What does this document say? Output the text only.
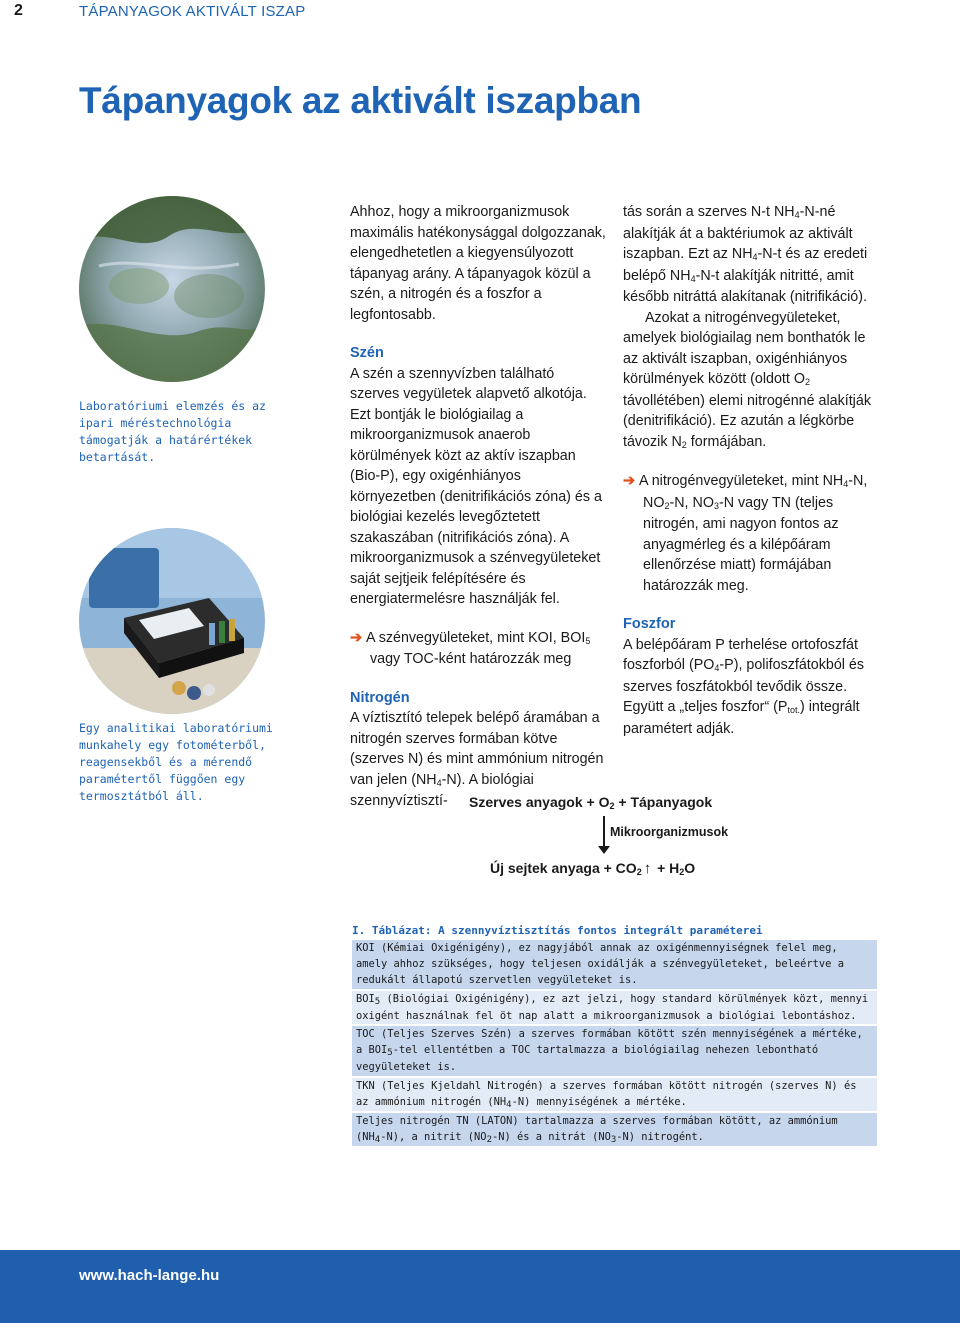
2	TÁPANYAGOK AKTIVÁLT ISZAP
Tápanyagok az aktivált iszapban
Laboratóriumi elemzés és az ipari méréstechnológia támogatják a határértékek betartását.
Egy analitikai laboratóriumi munkahely egy fotométerből, reagensekből és a mérendő paramétertől függően egy termosztátból áll.

Ahhoz, hogy a mikroorganizmusok maximális hatékonysággal dolgozzanak, elengedhetetlen a kiegyensúlyozott tápanyag arány. A tápanyagok közül a szén, a nitrogén és a foszfor a legfontosabb.

Szén

A szén a szennyvízben található szerves vegyületek alapvető alkotója. Ezt bontják le biológiailag a mikroorganizmusok anaerob körülmények közt az aktív iszapban (Bio-P), egy oxigénhiányos környezetben (denitrifikációs zóna) és a biológiai kezelés levegőztetett szakaszában (nitrifikációs zóna). A mikroorganizmusok a szénvegyületeket saját sejtjeik felépítésére és energiatermelésre használják fel.

➔ A szénvegyületeket, mint KOI, BOI5 vagy TOC-ként határozzák meg

Nitrogén

A víztisztító telepek belépő áramában a nitrogén szerves formában kötve (szerves N) és mint ammónium nitrogén van jelen (NH4-N). A biológiai szennyvíztisztí-

tás során a szerves N-t NH4-N-né alakítják át a baktériumok az aktivált iszapban. Ezt az NH4-N-t és az eredeti belépő NH4-N-t alakítják nitritté, amit később nitráttá alakítanak (nitrifikáció).

Azokat a nitrogénvegyületeket, amelyek biológiailag nem bonthatók le az aktivált iszapban, oxigénhiányos körülmények között (oldott O2 távollétében) elemi nitrogénné alakítják (denitrifikáció). Ez azután a légkörbe távozik N2 formájában.

➔ A nitrogénvegyületeket, mint NH4-N, NO2-N, NO3-N vagy TN (teljes nitrogén, ami nagyon fontos az anyagmérleg és a kilépőáram ellenőrzése miatt) formájában határozzák meg.

Foszfor

A belépőáram P terhelése ortofoszfát foszforból (PO4-P), polifoszfátokból és szerves foszfátokból tevődik össze. Együtt a „teljes foszfor“ (Ptot.) integrált paramétert adják.

Szerves anyagok + O2 + Tápanyagok
Mikroorganizmusok
Új sejtek anyaga + CO2 ↑ + H2O
I. Táblázat: A szennyvíztisztítás fontos integrált paraméterei
KOI (Kémiai Oxigénigény), ez nagyjából annak az oxigénmennyiségnek felel meg, amely ahhoz szükséges, hogy teljesen oxidálják a szénvegyületeket, beleértve a redukált állapotú szervetlen vegyületeket is.
BOI5 (Biológiai Oxigénigény), ez azt jelzi, hogy standard körülmények közt, mennyi oxigént használnak fel öt nap alatt a mikroorganizmusok a biológiai lebontáshoz.
TOC (Teljes Szerves Szén) a szerves formában kötött szén mennyiségének a mértéke, a BOI5-tel ellentétben a TOC tartalmazza a biológiailag nehezen lebontható vegyületeket is.
TKN (Teljes Kjeldahl Nitrogén) a szerves formában kötött nitrogén (szerves N) és az ammónium nitrogén (NH4-N) mennyiségének a mértéke.
Teljes nitrogén TN (LATON) tartalmazza a szerves formában kötött, az ammónium (NH4-N), a nitrit (NO2-N) és a nitrát (NO3-N) nitrogént.
www.hach-lange.hu
